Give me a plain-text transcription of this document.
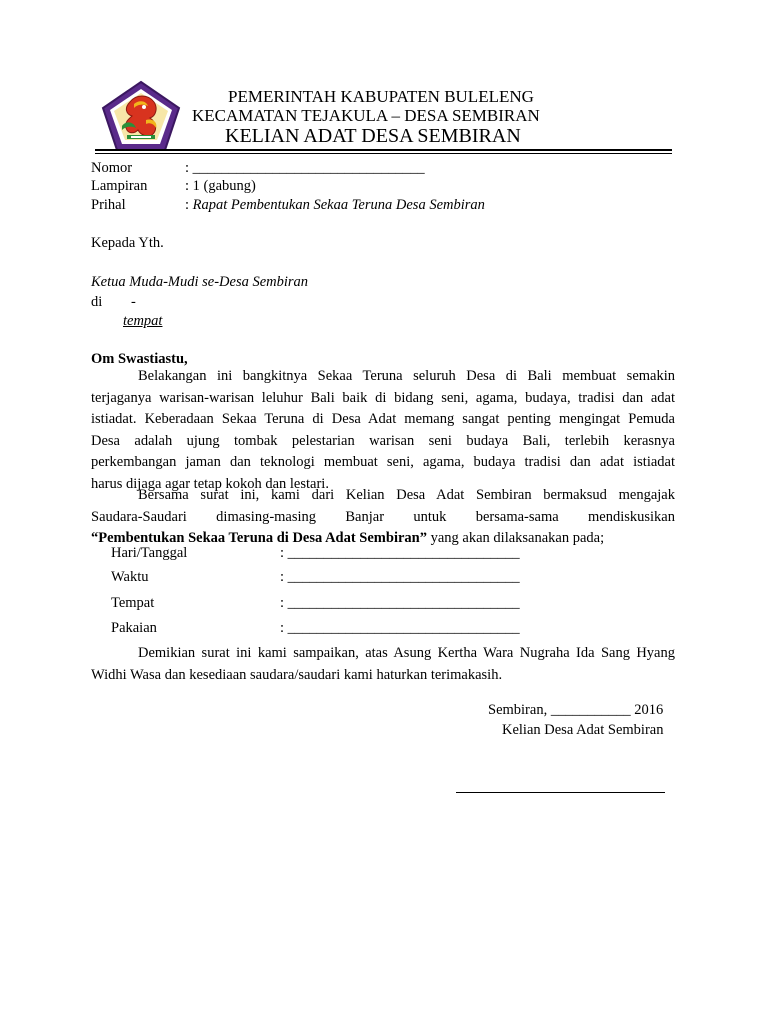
PEMERINTAH KABUPATEN BULELENG
KECAMATAN TEJAKULA – DESA SEMBIRAN
KELIAN ADAT DESA SEMBIRAN
Nomor	: ________________________________
Lampiran	: 1 (gabung)
Prihal	: Rapat Pembentukan Sekaa Teruna Desa Sembiran
Kepada Yth.
Ketua Muda-Mudi se-Desa Sembiran
di -
tempat
Om Swastiastu,
Belakangan ini bangkitnya Sekaa Teruna seluruh Desa di Bali membuat semakin
terjaganya warisan-warisan leluhur Bali baik di bidang seni, agama, budaya, tradisi dan adat
istiadat. Keberadaan Sekaa Teruna di Desa Adat memang sangat penting mengingat Pemuda
Desa adalah ujung tombak pelestarian warisan seni budaya Bali, terlebih kerasnya
perkembangan jaman dan teknologi membuat seni, agama, budaya tradisi dan adat istiadat
harus dijaga agar tetap kokoh dan lestari.
Bersama surat ini, kami dari Kelian Desa Adat Sembiran bermaksud mengajak
Saudara-Saudari dimasing-masing Banjar untuk bersama-sama mendiskusikan
“Pembentukan Sekaa Teruna di Desa Adat Sembiran” yang akan dilaksanakan pada;
Hari/Tanggal	: ________________________________
Waktu	: ________________________________
Tempat	: ________________________________
Pakaian	: ________________________________
Demikian surat ini kami sampaikan, atas Asung Kertha Wara Nugraha Ida Sang Hyang
Widhi Wasa dan kesediaan saudara/saudari kami haturkan terimakasih.
Sembiran, ___________ 2016
Kelian Desa Adat Sembiran
